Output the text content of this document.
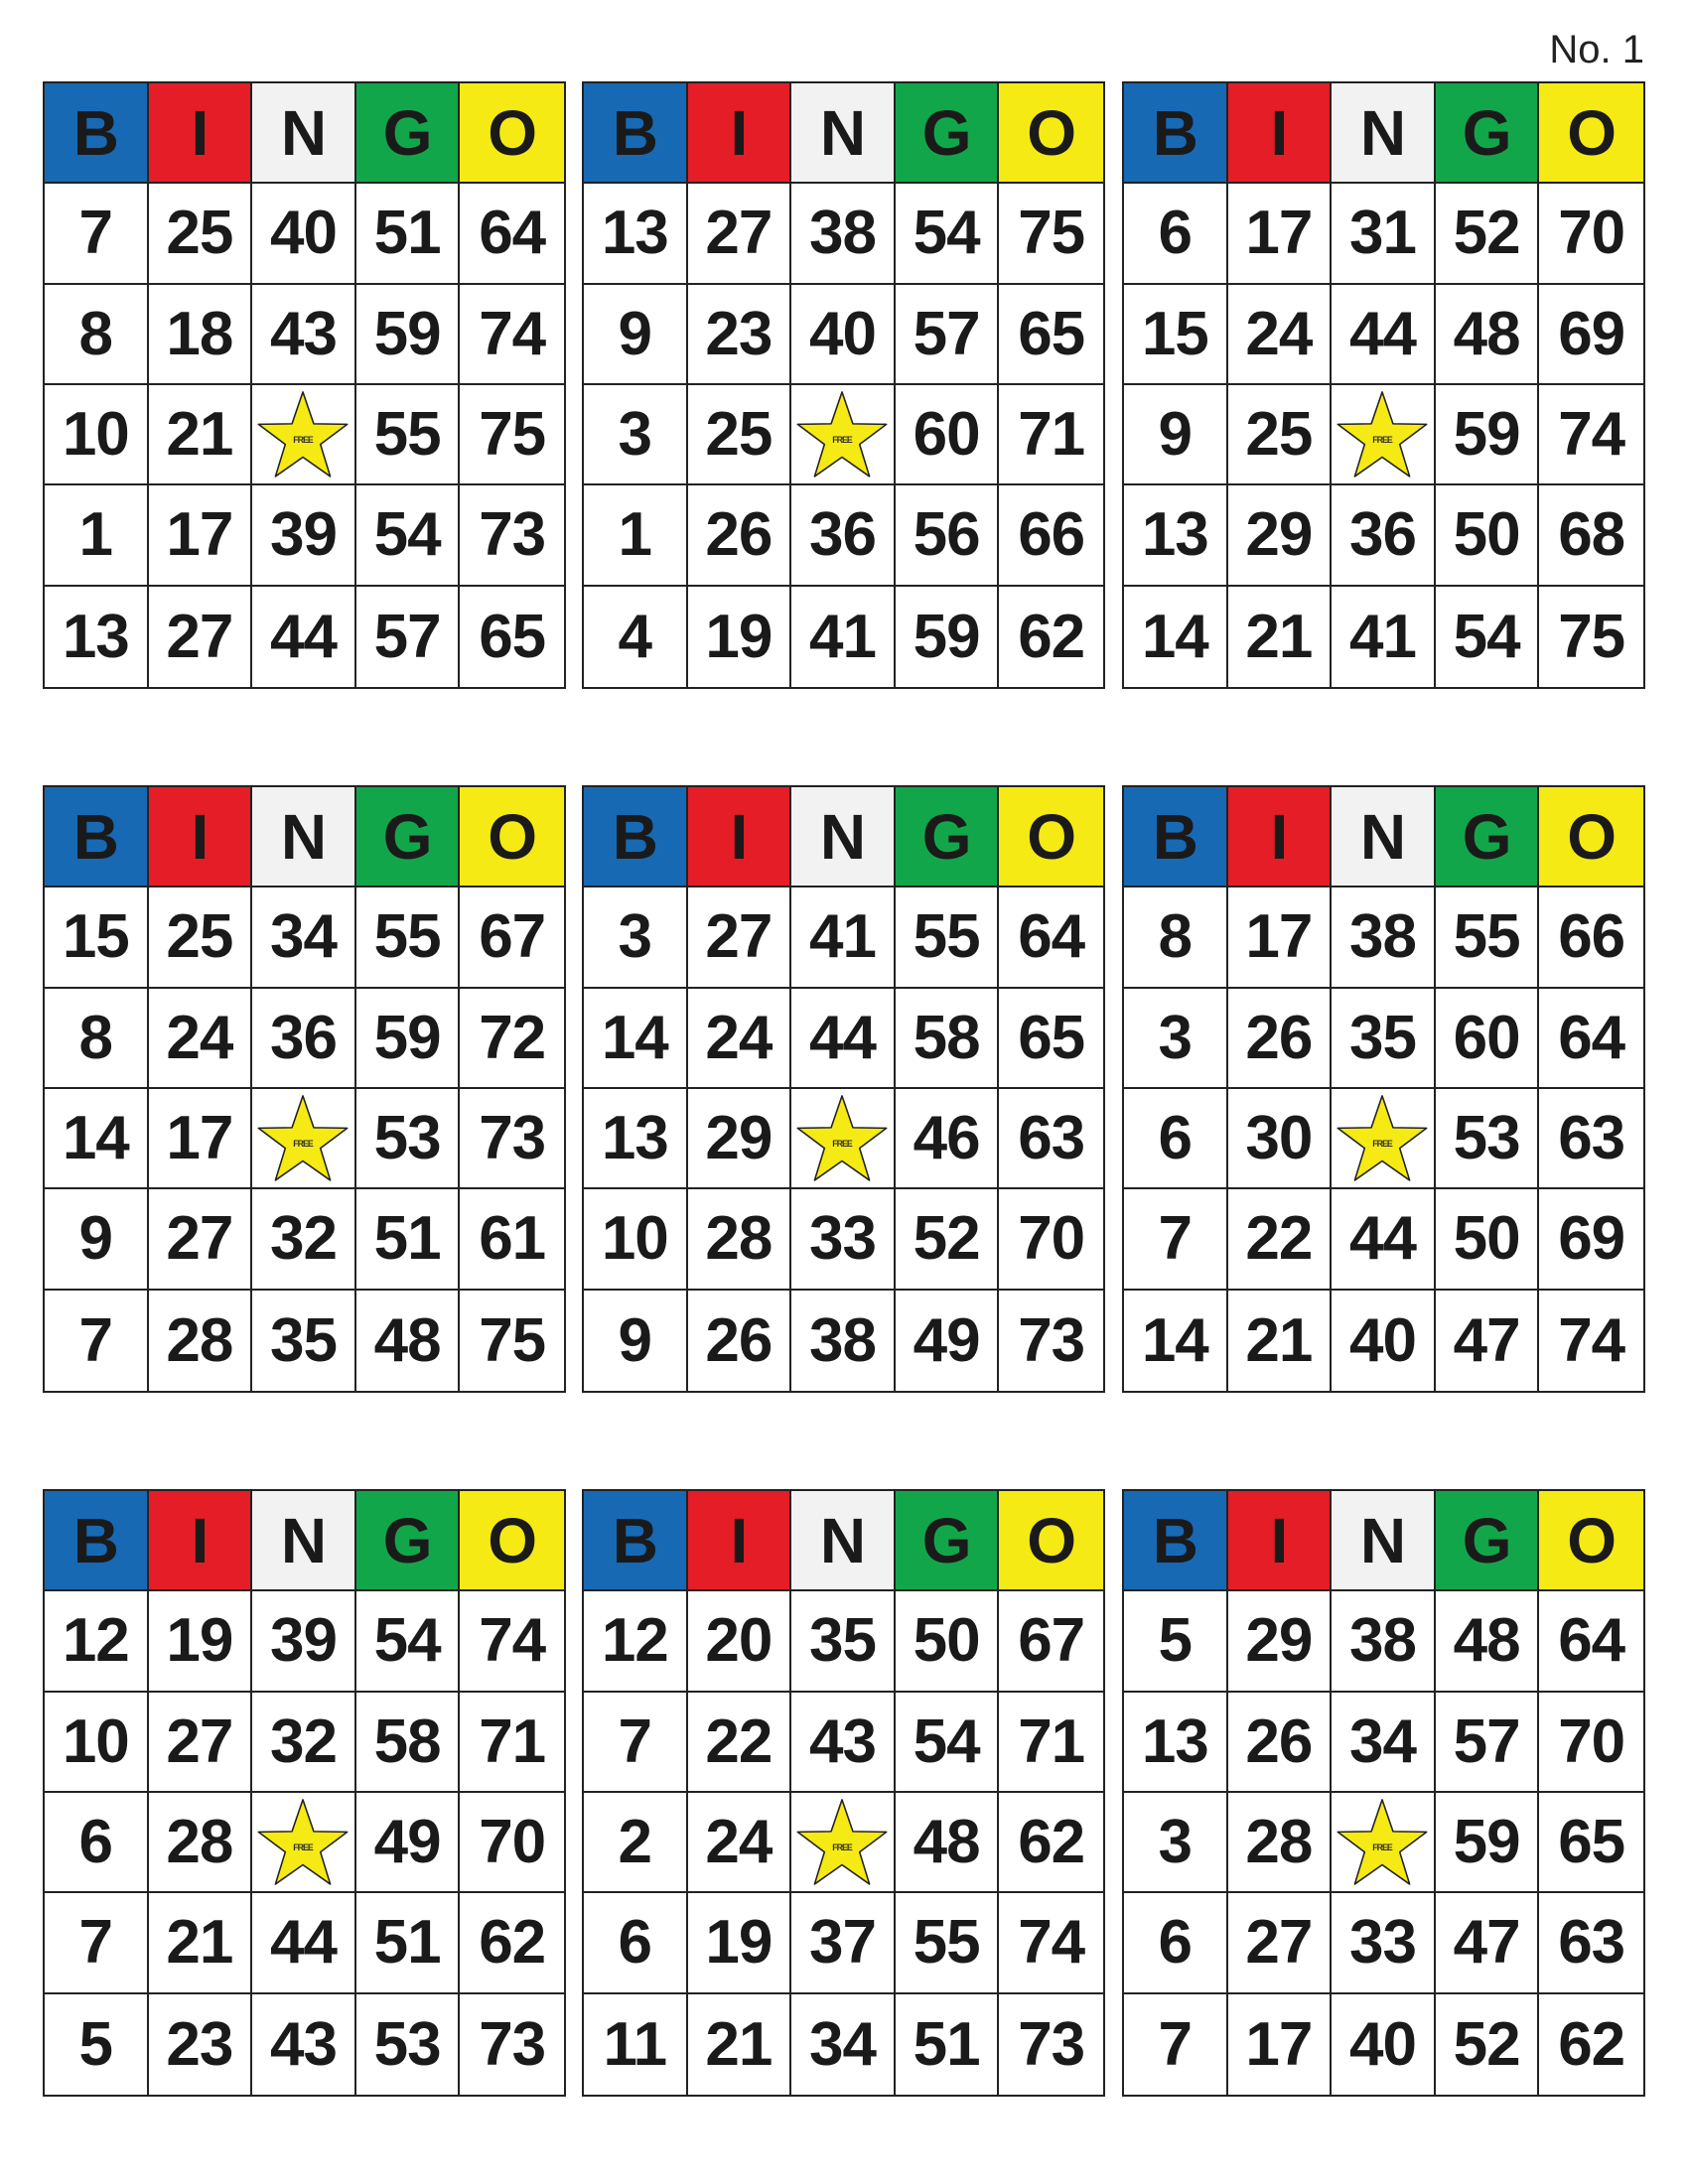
No. 1
B	I	N G O
7 25 40 51 64
8 18 43 59 74
10 21	FREE 55 75
1 17 39 54 73
13 27 44 57 65
B	I	N G O
13 27 38 54 75
9 23 40 57 65
3 25	FREE 60 71
1 26 36 56 66
4 19 41 59 62
B	I	N G O
6 17 31 52 70
15 24 44 48 69
9 25	FREE 59 74
13 29 36 50 68
14 21 41 54 75
B	I	N G O
15 25 34 55 67
8 24 36 59 72
14 17	FREE 53 73
9 27 32 51 61
7 28 35 48 75
B	I	N G O
3 27 41 55 64
14 24 44 58 65
13 29	FREE 46 63
10 28 33 52 70
9 26 38 49 73
B	I	N G O
8 17 38 55 66
3 26 35 60 64
6 30	FREE 53 63
7 22 44 50 69
14 21 40 47 74
B	I	N G O
12 19 39 54 74
10 27 32 58 71
6 28	FREE 49 70
7 21 44 51 62
5 23 43 53 73
B	I	N G O
12 20 35 50 67
7 22 43 54 71
2 24	FREE 48 62
6 19 37 55 74
11 21 34 51 73
B	I	N G O
5 29 38 48 64
13 26 34 57 70
3 28	FREE 59 65
6 27 33 47 63
7 17 40 52 62
